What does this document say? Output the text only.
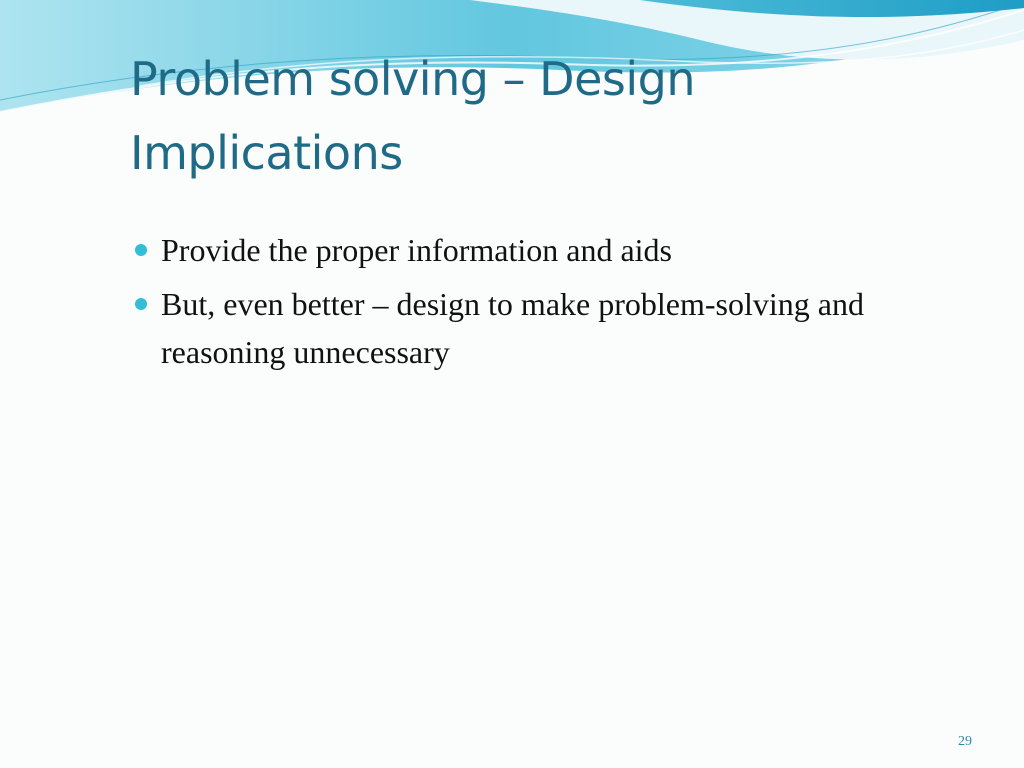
Problem solving – Design Implications
Provide the proper information and aids
But, even better – design to make problem-solving and reasoning unnecessary
29
